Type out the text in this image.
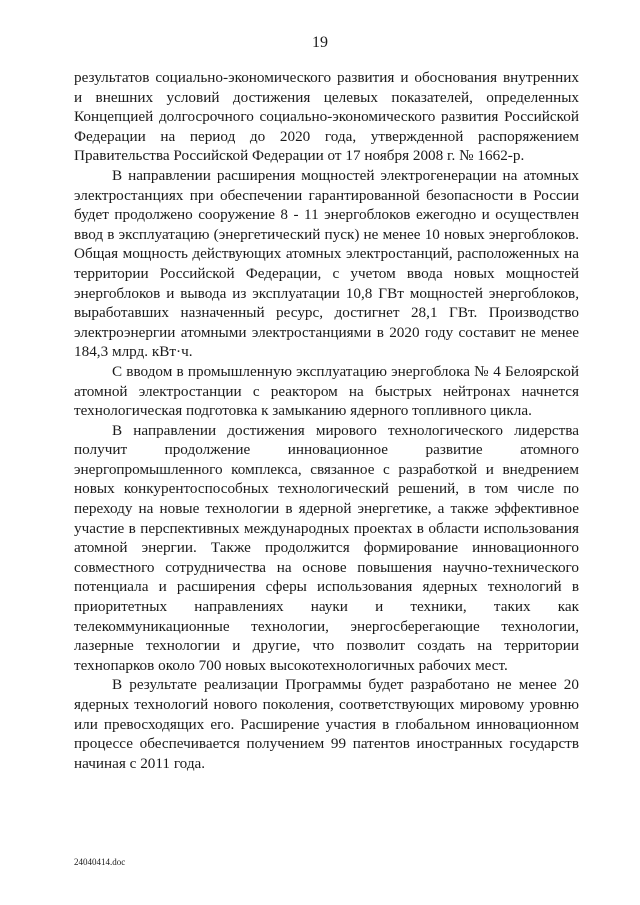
19

результатов социально-экономического развития и обоснования внутренних и внешних условий достижения целевых показателей, определенных Концепцией долгосрочного социально-экономического развития Российской Федерации на период до 2020 года, утвержденной распоряжением Правительства Российской Федерации от 17 ноября 2008 г. № 1662-р.

В направлении расширения мощностей электрогенерации на атомных электростанциях при обеспечении гарантированной безопасности в России будет продолжено сооружение 8 - 11 энергоблоков ежегодно и осуществлен ввод в эксплуатацию (энергетический пуск) не менее 10 новых энергоблоков. Общая мощность действующих атомных электростанций, расположенных на территории Российской Федерации, с учетом ввода новых мощностей энергоблоков и вывода из эксплуатации 10,8 ГВт мощностей энергоблоков, выработавших назначенный ресурс, достигнет 28,1 ГВт. Производство электроэнергии атомными электростанциями в 2020 году составит не менее 184,3 млрд. кВт·ч.

С вводом в промышленную эксплуатацию энергоблока № 4 Белоярской атомной электростанции с реактором на быстрых нейтронах начнется технологическая подготовка к замыканию ядерного топливного цикла.

В направлении достижения мирового технологического лидерства получит продолжение инновационное развитие атомного энергопромышленного комплекса, связанное с разработкой и внедрением новых конкурентоспособных технологический решений, в том числе по переходу на новые технологии в ядерной энергетике, а также эффективное участие в перспективных международных проектах в области использования атомной энергии. Также продолжится формирование инновационного совместного сотрудничества на основе повышения научно-технического потенциала и расширения сферы использования ядерных технологий в приоритетных направлениях науки и техники, таких как телекоммуникационные технологии, энергосберегающие технологии, лазерные технологии и другие, что позволит создать на территории технопарков около 700 новых высокотехнологичных рабочих мест.

В результате реализации Программы будет разработано не менее 20 ядерных технологий нового поколения, соответствующих мировому уровню или превосходящих его. Расширение участия в глобальном инновационном процессе обеспечивается получением 99 патентов иностранных государств начиная с 2011 года.

24040414.doc
